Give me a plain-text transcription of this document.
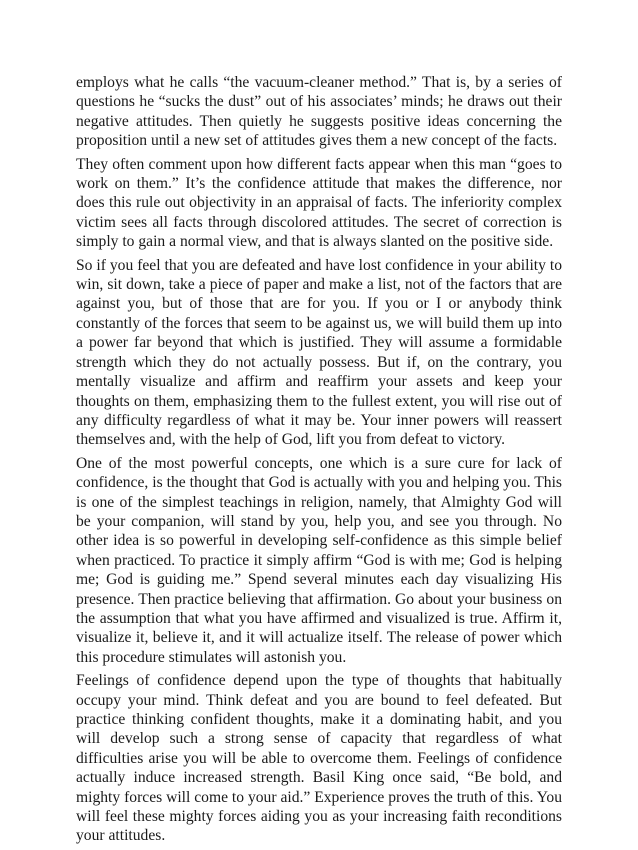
employs what he calls “the vacuum-cleaner method.” That is, by a series of questions he “sucks the dust” out of his associates’ minds; he draws out their negative attitudes. Then quietly he suggests positive ideas concerning the proposition until a new set of attitudes gives them a new concept of the facts.

They often comment upon how different facts appear when this man “goes to work on them.” It’s the confidence attitude that makes the difference, nor does this rule out objectivity in an appraisal of facts. The inferiority complex victim sees all facts through discolored attitudes. The secret of correction is simply to gain a normal view, and that is always slanted on the positive side.

So if you feel that you are defeated and have lost confidence in your ability to win, sit down, take a piece of paper and make a list, not of the factors that are against you, but of those that are for you. If you or I or anybody think constantly of the forces that seem to be against us, we will build them up into a power far beyond that which is justified. They will assume a formidable strength which they do not actually possess. But if, on the contrary, you mentally visualize and affirm and reaffirm your assets and keep your thoughts on them, emphasizing them to the fullest extent, you will rise out of any difficulty regardless of what it may be. Your inner powers will reassert themselves and, with the help of God, lift you from defeat to victory.

One of the most powerful concepts, one which is a sure cure for lack of confidence, is the thought that God is actually with you and helping you. This is one of the simplest teachings in religion, namely, that Almighty God will be your companion, will stand by you, help you, and see you through. No other idea is so powerful in developing self-confidence as this simple belief when practiced. To practice it simply affirm “God is with me; God is helping me; God is guiding me.” Spend several minutes each day visualizing His presence. Then practice believing that affirmation. Go about your business on the assumption that what you have affirmed and visualized is true. Affirm it, visualize it, believe it, and it will actualize itself. The release of power which this procedure stimulates will astonish you.

Feelings of confidence depend upon the type of thoughts that habitually occupy your mind. Think defeat and you are bound to feel defeated. But practice thinking confident thoughts, make it a dominating habit, and you will develop such a strong sense of capacity that regardless of what difficulties arise you will be able to overcome them. Feelings of confidence actually induce increased strength. Basil King once said, “Be bold, and mighty forces will come to your aid.” Experience proves the truth of this. You will feel these mighty forces aiding you as your increasing faith reconditions your attitudes.
